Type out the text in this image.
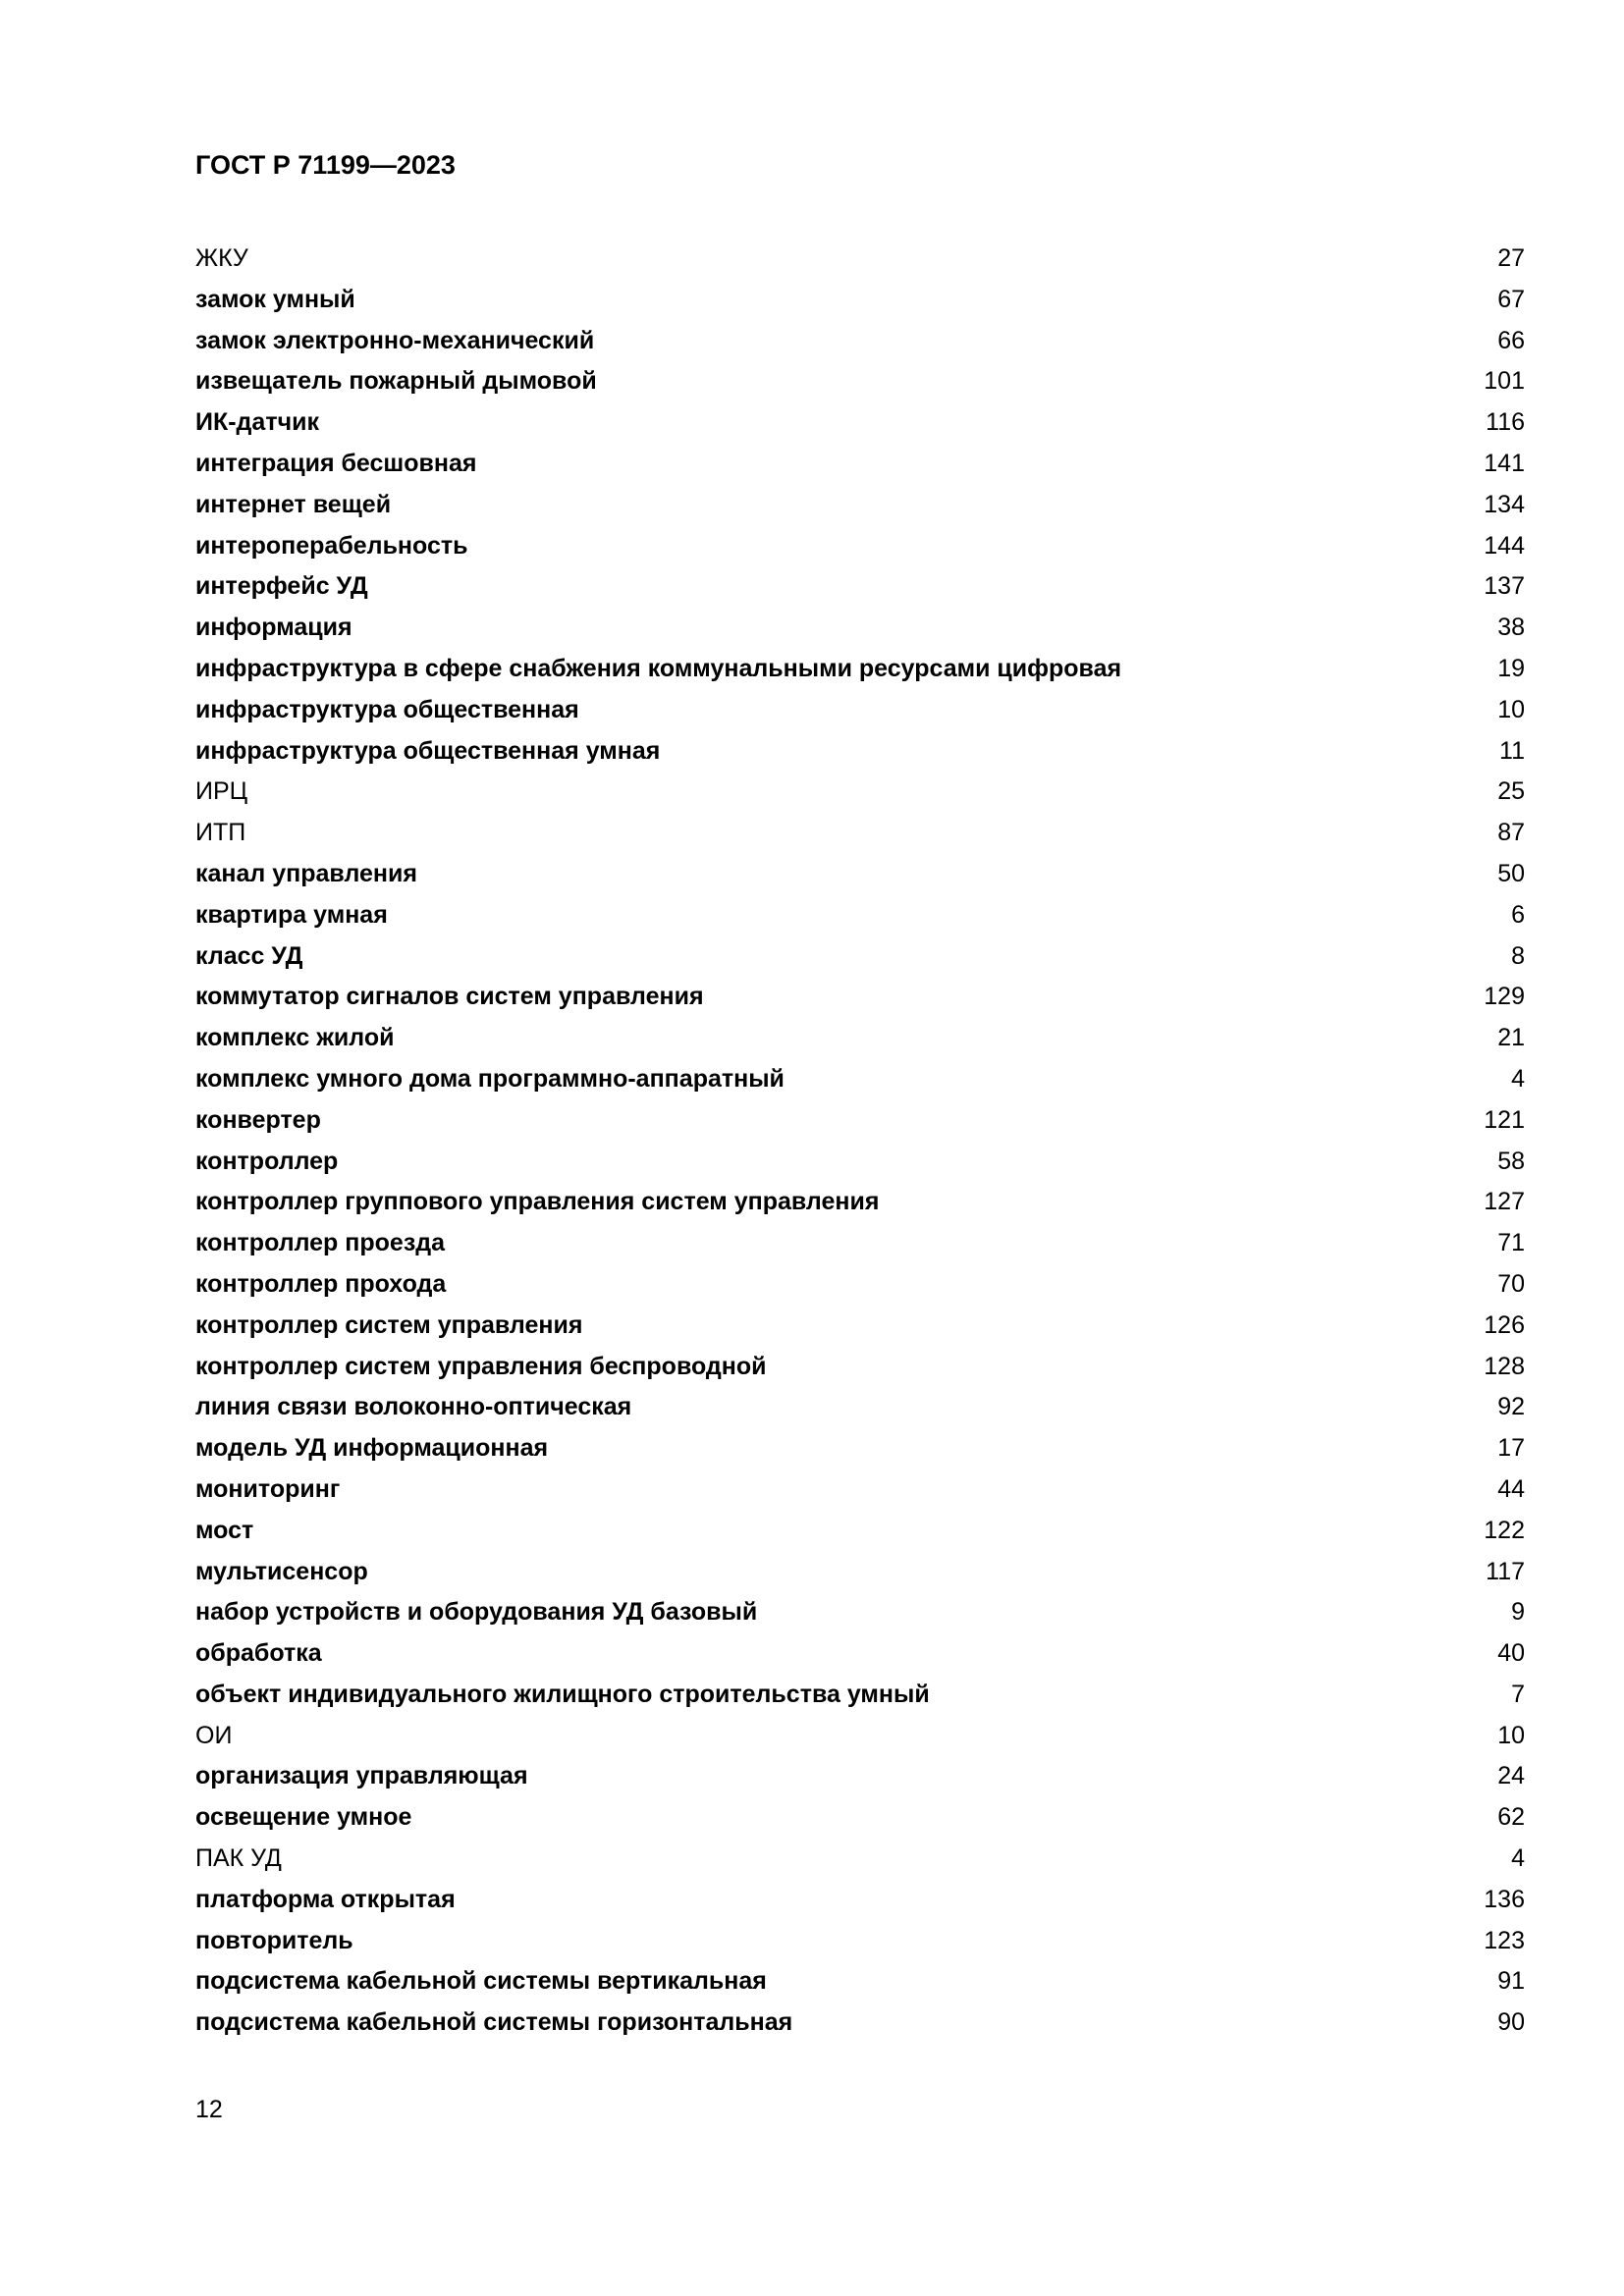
ГОСТ Р 71199—2023
ЖКУ	27
замок умный	67
замок электронно-механический	66
извещатель пожарный дымовой	101
ИК-датчик	116
интеграция бесшовная	141
интернет вещей	134
интероперабельность	144
интерфейс УД	137
информация	38
инфраструктура в сфере снабжения коммунальными ресурсами цифровая	19
инфраструктура общественная	10
инфраструктура общественная умная	11
ИРЦ	25
ИТП	87
канал управления	50
квартира умная	6
класс УД	8
коммутатор сигналов систем управления	129
комплекс жилой	21
комплекс умного дома программно-аппаратный	4
конвертер	121
контроллер	58
контроллер группового управления систем управления	127
контроллер проезда	71
контроллер прохода	70
контроллер систем управления	126
контроллер систем управления беспроводной	128
линия связи волоконно-оптическая	92
модель УД информационная	17
мониторинг	44
мост	122
мультисенсор	117
набор устройств и оборудования УД базовый	9
обработка	40
объект индивидуального жилищного строительства умный	7
ОИ	10
организация управляющая	24
освещение умное	62
ПАК УД	4
платформа открытая	136
повторитель	123
подсистема кабельной системы вертикальная	91
подсистема кабельной системы горизонтальная	90
12
